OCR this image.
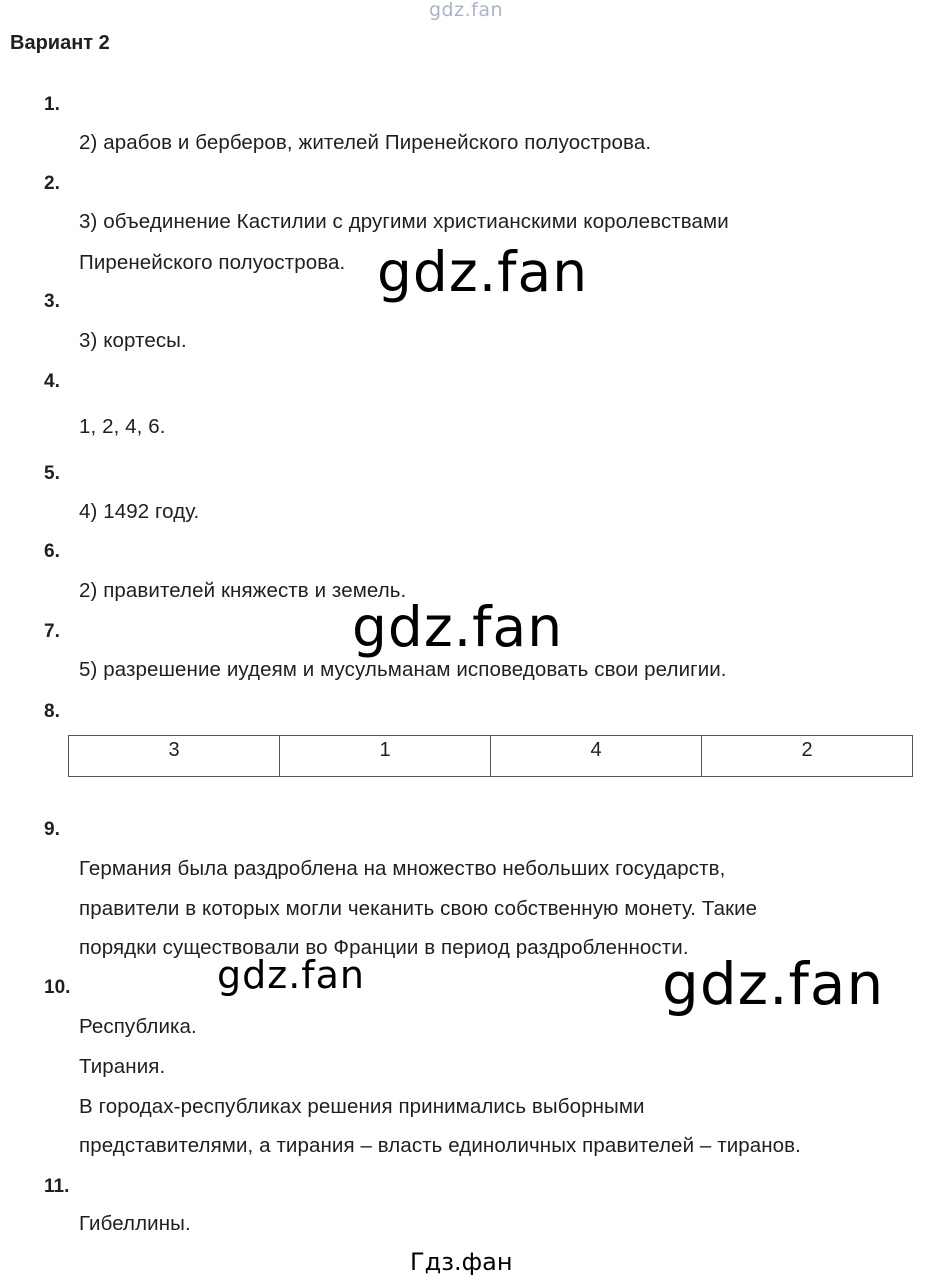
gdz.fan
Вариант 2
1.
2) арабов и берберов, жителей Пиренейского полуострова.
2.
3) объединение Кастилии с другими христианскими королевствами
Пиренейского полуострова.
3.
3) кортесы.
4.
1, 2, 4, 6.
5.
4) 1492 году.
6.
2) правителей княжеств и земель.
7.
5) разрешение иудеям и мусульманам исповедовать свои религии.
8.
3	1	4	2
9.
Германия была раздроблена на множество небольших государств,
правители в которых могли чеканить свою собственную монету. Такие
порядки существовали во Франции в период раздробленности.
10.
Республика.
Тирания.
В городах-республиках решения принимались выборными
представителями, а тирания – власть единоличных правителей – тиранов.
11.
Гибеллины.
gdz.fan
gdz.fan
gdz.fan	gdz.fan
Гдз.фан
